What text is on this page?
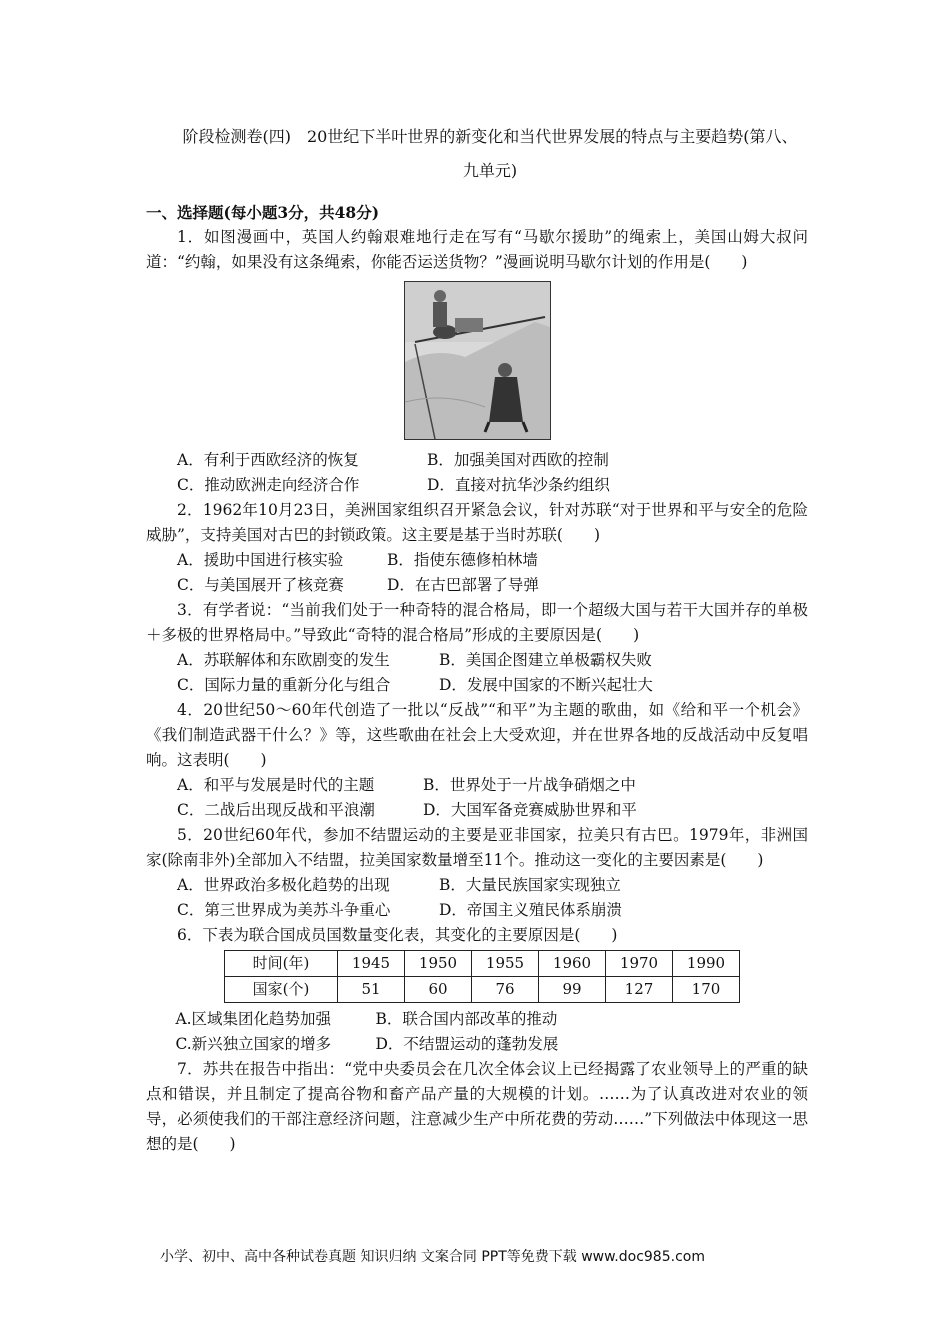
阶段检测卷(四)　20世纪下半叶世界的新变化和当代世界发展的特点与主要趋势(第八、
九单元)
一、选择题(每小题3分，共48分)

1．如图漫画中，英国人约翰艰难地行走在写有“马歇尔援助”的绳索上，美国山姆大叔问道：“约翰，如果没有这条绳索，你能否运送货物？”漫画说明马歇尔计划的作用是(　　)

A．有利于西欧经济的恢复	B．加强美国对西欧的控制
C．推动欧洲走向经济合作	D．直接对抗华沙条约组织

2．1962年10月23日，美洲国家组织召开紧急会议，针对苏联“对于世界和平与安全的危险威胁”，支持美国对古巴的封锁政策。这主要是基于当时苏联(　　)

A．援助中国进行核实验	B．指使东德修柏林墙
C．与美国展开了核竞赛	D．在古巴部署了导弹

3．有学者说：“当前我们处于一种奇特的混合格局，即一个超级大国与若干大国并存的单极＋多极的世界格局中。”导致此“奇特的混合格局”形成的主要原因是(　　)

A．苏联解体和东欧剧变的发生	B．美国企图建立单极霸权失败
C．国际力量的重新分化与组合	D．发展中国家的不断兴起壮大

4．20世纪50～60年代创造了一批以“反战”“和平”为主题的歌曲，如《给和平一个机会》《我们制造武器干什么？》等，这些歌曲在社会上大受欢迎，并在世界各地的反战活动中反复唱响。这表明(　　)

A．和平与发展是时代的主题	B．世界处于一片战争硝烟之中
C．二战后出现反战和平浪潮	D．大国军备竞赛威胁世界和平

5．20世纪60年代，参加不结盟运动的主要是亚非国家，拉美只有古巴。1979年，非洲国家(除南非外)全部加入不结盟，拉美国家数量增至11个。推动这一变化的主要因素是(　　)

A．世界政治多极化趋势的出现	B．大量民族国家实现独立
C．第三世界成为美苏斗争重心	D．帝国主义殖民体系崩溃

6．下表为联合国成员国数量变化表，其变化的主要原因是(　　)

时间(年)	1945	1950	1955	1960	1970	1990
国家(个)	51	60	76	99	127	170
A.区域集团化趋势加强	B．联合国内部改革的推动
C.新兴独立国家的增多	D．不结盟运动的蓬勃发展

7．苏共在报告中指出：“党中央委员会在几次全体会议上已经揭露了农业领导上的严重的缺点和错误，并且制定了提高谷物和畜产品产量的大规模的计划。……为了认真改进对农业的领导，必须使我们的干部注意经济问题，注意减少生产中所花费的劳动……”下列做法中体现这一思想的是(　　)

小学、初中、高中各种试卷真题 知识归纳 文案合同 PPT等免费下载 www.doc985.com
